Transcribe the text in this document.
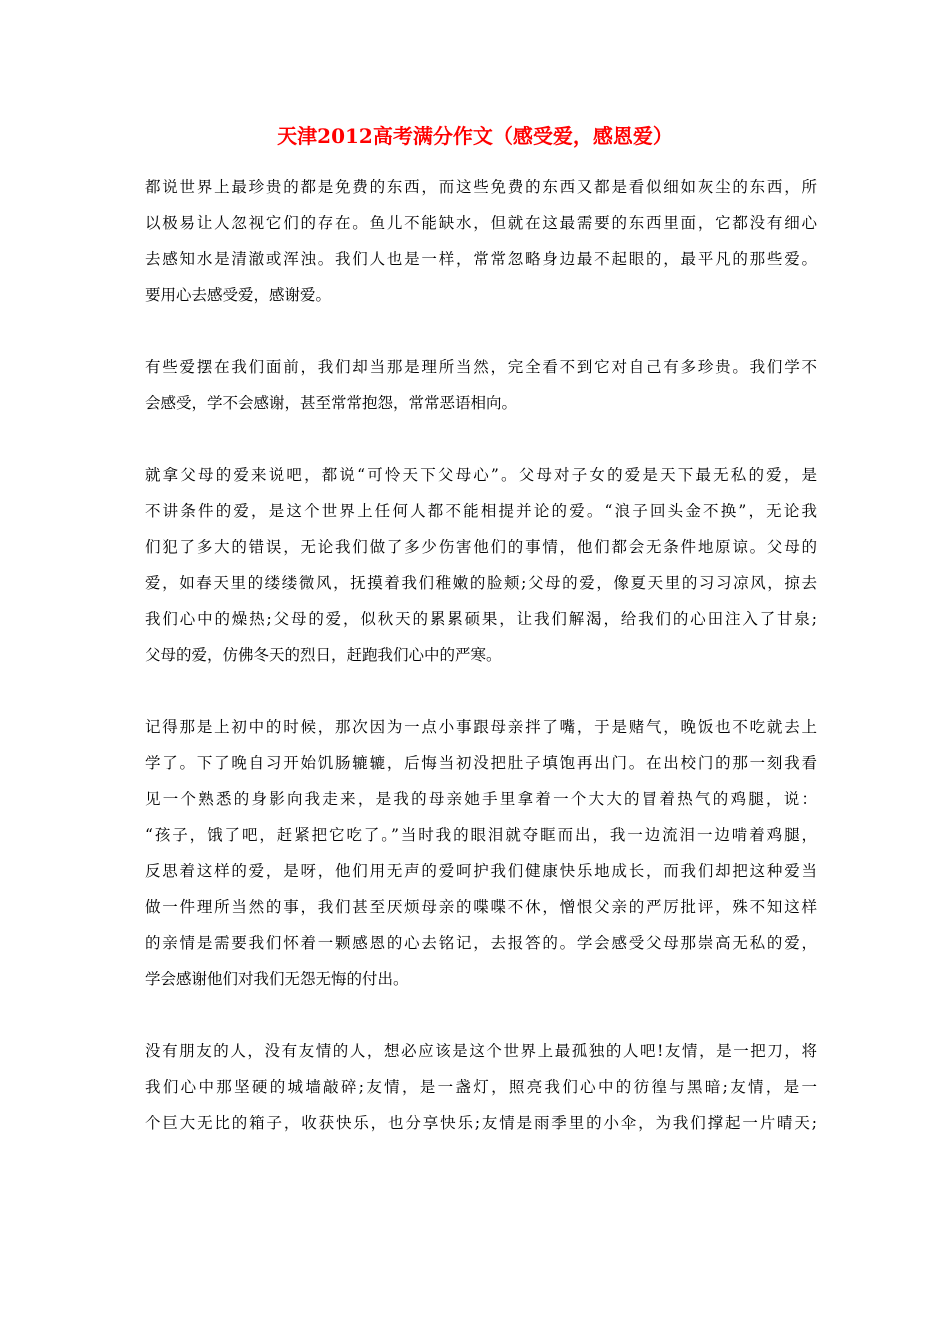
天津2012高考满分作文（感受爱，感恩爱）
都说世界上最珍贵的都是免费的东西，而这些免费的东西又都是看似细如灰尘的东西，所
以极易让人忽视它们的存在。鱼儿不能缺水，但就在这最需要的东西里面，它都没有细心
去感知水是清澈或浑浊。我们人也是一样，常常忽略身边最不起眼的，最平凡的那些爱。
要用心去感受爱，感谢爱。
有些爱摆在我们面前，我们却当那是理所当然，完全看不到它对自己有多珍贵。我们学不
会感受，学不会感谢，甚至常常抱怨，常常恶语相向。
就拿父母的爱来说吧，都说“可怜天下父母心”。父母对子女的爱是天下最无私的爱，是
不讲条件的爱，是这个世界上任何人都不能相提并论的爱。“浪子回头金不换”，无论我
们犯了多大的错误，无论我们做了多少伤害他们的事情，他们都会无条件地原谅。父母的
爱，如春天里的缕缕微风，抚摸着我们稚嫩的脸颊;父母的爱，像夏天里的习习凉风，掠去
我们心中的燥热;父母的爱，似秋天的累累硕果，让我们解渴，给我们的心田注入了甘泉;
父母的爱，仿佛冬天的烈日，赶跑我们心中的严寒。
记得那是上初中的时候，那次因为一点小事跟母亲拌了嘴，于是赌气，晚饭也不吃就去上
学了。下了晚自习开始饥肠辘辘，后悔当初没把肚子填饱再出门。在出校门的那一刻我看
见一个熟悉的身影向我走来，是我的母亲她手里拿着一个大大的冒着热气的鸡腿，说：
“孩子，饿了吧，赶紧把它吃了。”当时我的眼泪就夺眶而出，我一边流泪一边啃着鸡腿，
反思着这样的爱，是呀，他们用无声的爱呵护我们健康快乐地成长，而我们却把这种爱当
做一件理所当然的事，我们甚至厌烦母亲的喋喋不休，憎恨父亲的严厉批评，殊不知这样
的亲情是需要我们怀着一颗感恩的心去铭记，去报答的。学会感受父母那崇高无私的爱，
学会感谢他们对我们无怨无悔的付出。
没有朋友的人，没有友情的人，想必应该是这个世界上最孤独的人吧!友情，是一把刀，将
我们心中那坚硬的城墙敲碎;友情，是一盏灯，照亮我们心中的彷徨与黑暗;友情，是一
个巨大无比的箱子，收获快乐，也分享快乐;友情是雨季里的小伞，为我们撑起一片晴天;
